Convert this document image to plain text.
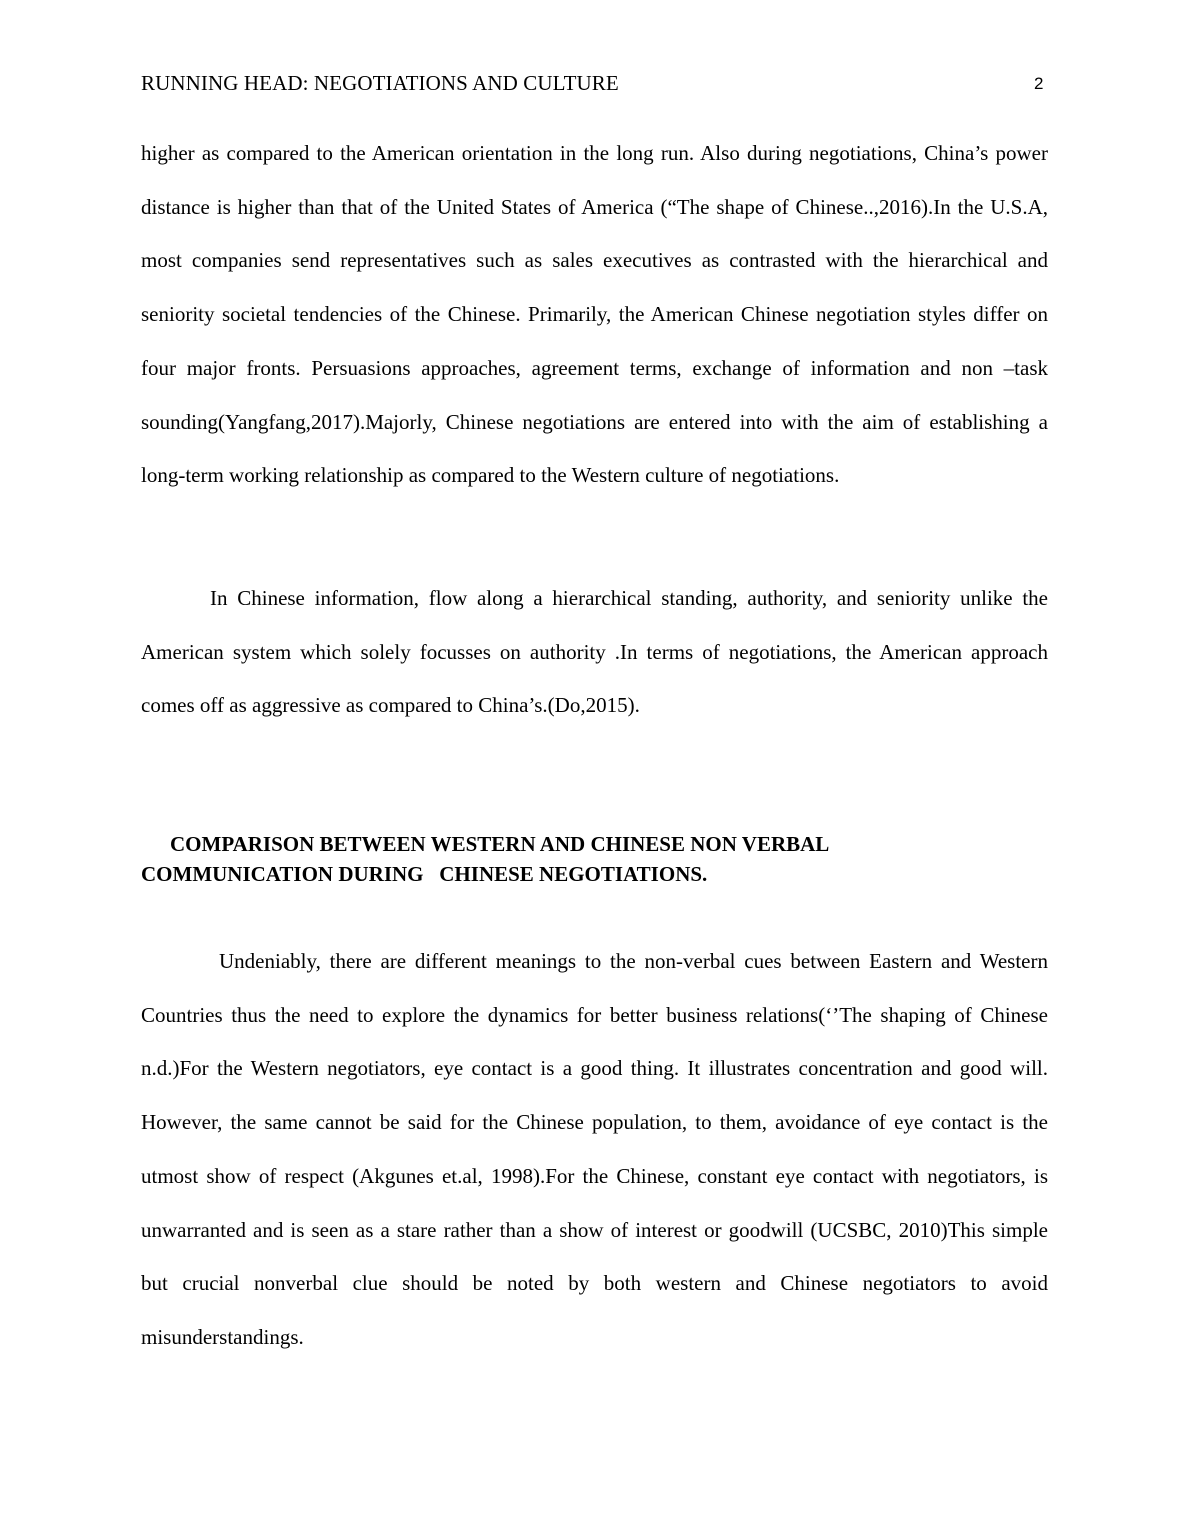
RUNNING HEAD: NEGOTIATIONS AND CULTURE	2

higher as compared to the American orientation in the long run. Also during negotiations, China’s power distance is higher than that of the United States of America (“The shape of Chinese..,2016).In the U.S.A, most companies send representatives such as sales executives as contrasted with the hierarchical and seniority societal tendencies of the Chinese. Primarily, the American Chinese negotiation styles differ on four major fronts. Persuasions approaches, agreement terms, exchange of information and non –task sounding(Yangfang,2017).Majorly, Chinese negotiations are entered into with the aim of establishing a long-term working relationship as compared to the Western culture of negotiations.

In Chinese information, flow along a hierarchical standing, authority, and seniority unlike the American system which solely focusses on authority .In terms of negotiations, the American approach comes off as aggressive as compared to China’s.(Do,2015).

COMPARISON BETWEEN WESTERN AND CHINESE NON VERBAL
COMMUNICATION DURING   CHINESE NEGOTIATIONS.

Undeniably, there are different meanings to the non-verbal cues between Eastern and Western Countries thus the need to explore the dynamics for better business relations(‘’The shaping of Chinese n.d.)For the Western negotiators, eye contact is a good thing. It illustrates concentration and good will. However, the same cannot be said for the Chinese population, to them, avoidance of eye contact is the utmost show of respect (Akgunes et.al, 1998).For the Chinese, constant eye contact with negotiators, is unwarranted and is seen as a stare rather than a show of interest or goodwill (UCSBC, 2010)This simple but crucial nonverbal clue should be noted by both western and Chinese negotiators to avoid misunderstandings.
